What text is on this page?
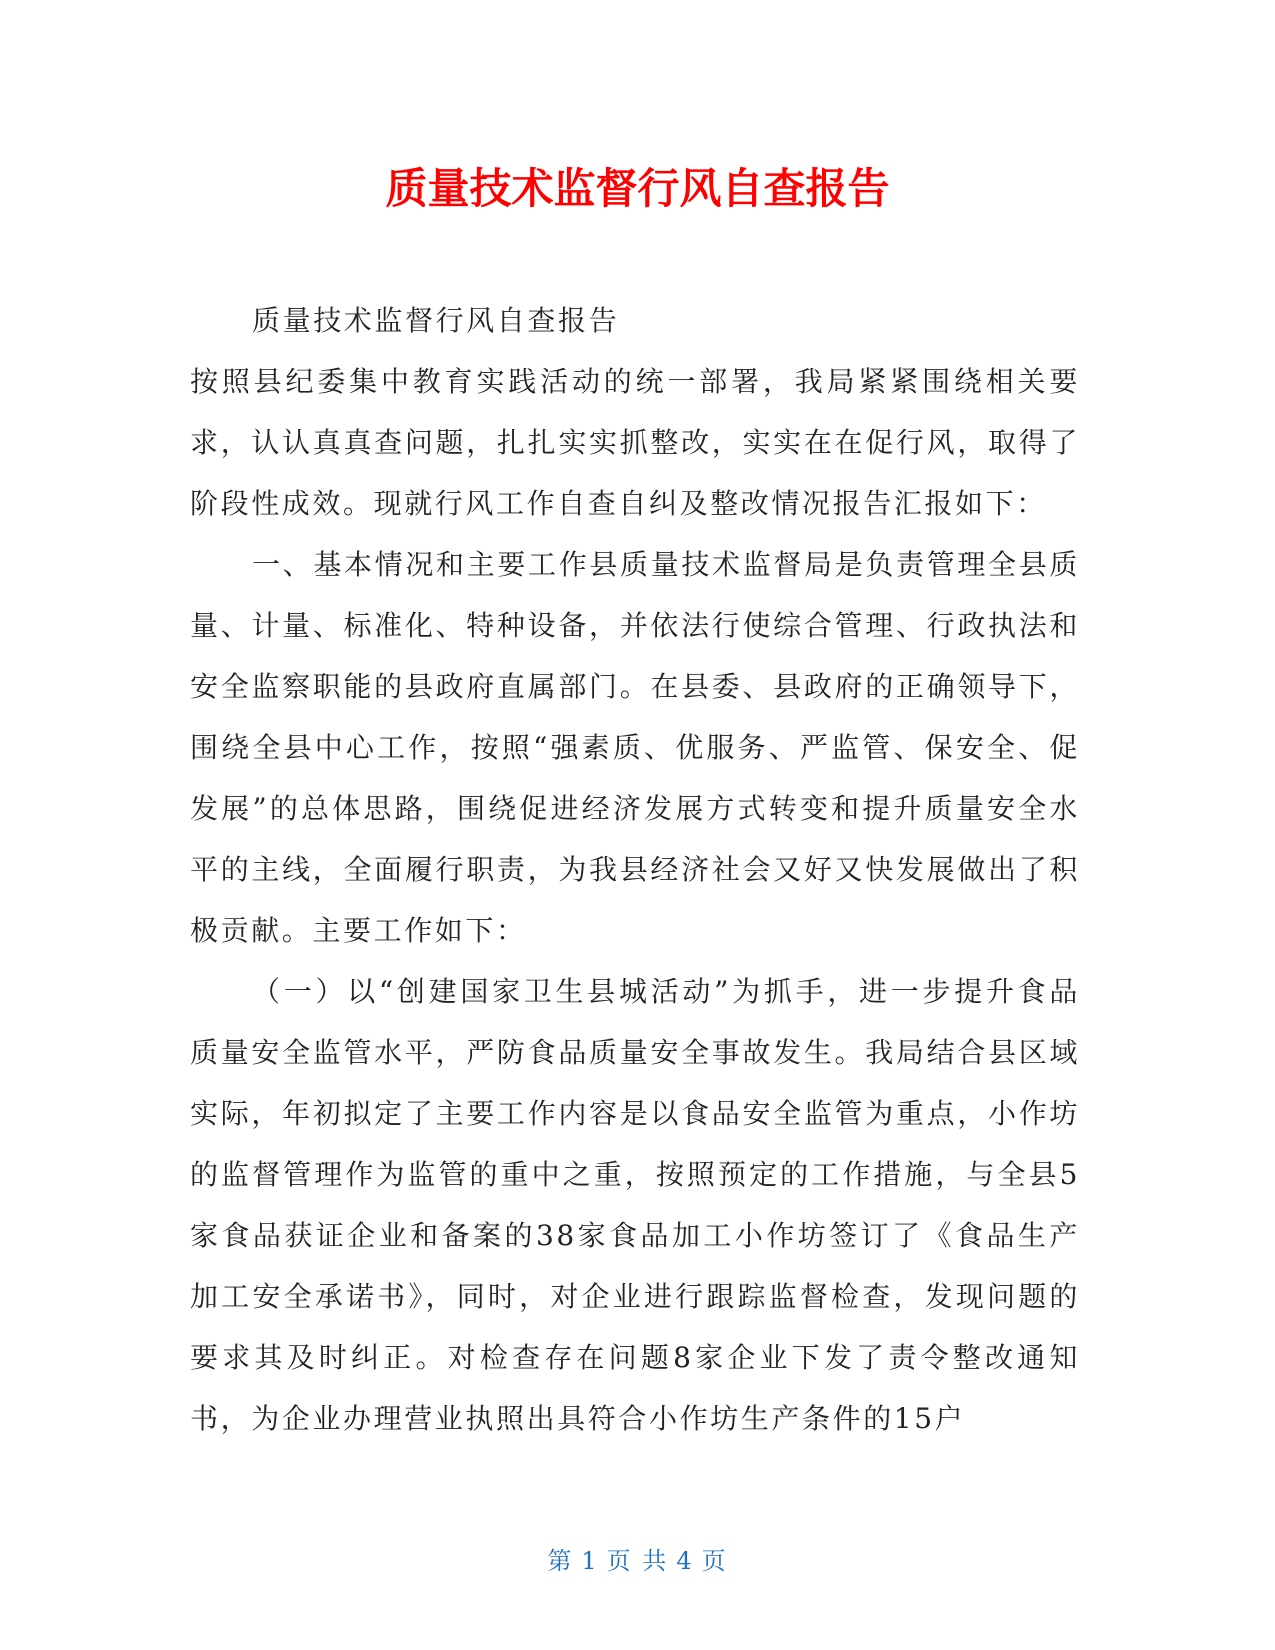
质量技术监督行风自查报告

质量技术监督行风自查报告

按照县纪委集中教育实践活动的统一部署，我局紧紧围绕相关要求，认认真真查问题，扎扎实实抓整改，实实在在促行风，取得了阶段性成效。现就行风工作自查自纠及整改情况报告汇报如下：

一、基本情况和主要工作县质量技术监督局是负责管理全县质量、计量、标准化、特种设备，并依法行使综合管理、行政执法和安全监察职能的县政府直属部门。在县委、县政府的正确领导下，围绕全县中心工作，按照“强素质、优服务、严监管、保安全、促发展”的总体思路，围绕促进经济发展方式转变和提升质量安全水平的主线，全面履行职责，为我县经济社会又好又快发展做出了积极贡献。主要工作如下：

（一）以“创建国家卫生县城活动”为抓手，进一步提升食品质量安全监管水平，严防食品质量安全事故发生。我局结合县区域实际，年初拟定了主要工作内容是以食品安全监管为重点，小作坊的监督管理作为监管的重中之重，按照预定的工作措施，与全县5家食品获证企业和备案的38家食品加工小作坊签订了《食品生产加工安全承诺书》，同时，对企业进行跟踪监督检查，发现问题的要求其及时纠正。对检查存在问题8家企业下发了责令整改通知书，为企业办理营业执照出具符合小作坊生产条件的15户

第 1 页 共 4 页
